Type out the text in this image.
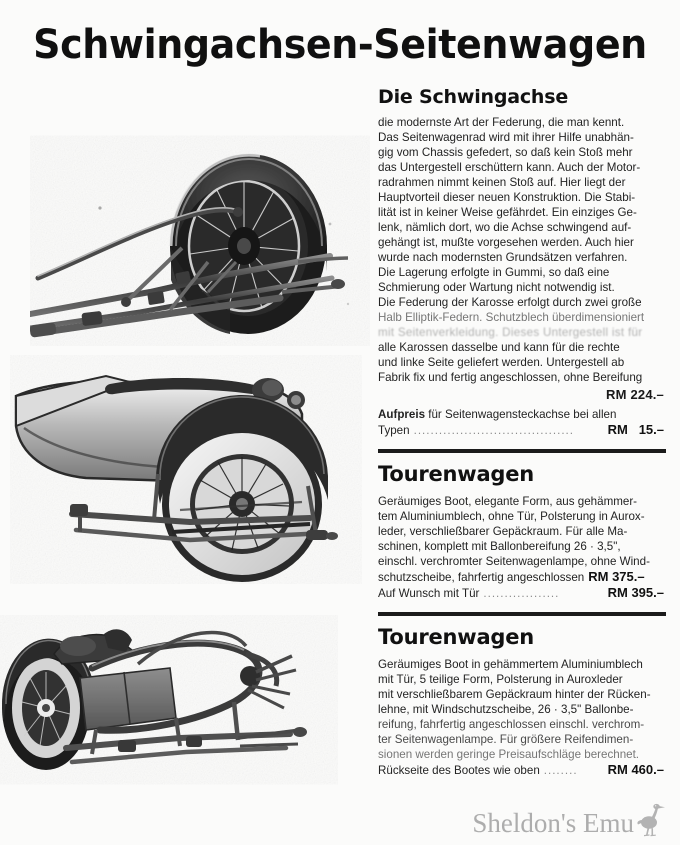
Schwingachsen-Seitenwagen
Die Schwingachse
die modernste Art der Federung, die man kennt.
Das Seitenwagenrad wird mit ihrer Hilfe unabhän-
gig vom Chassis gefedert, so daß kein Stoß mehr
das Untergestell erschüttern kann. Auch der Motor-
radrahmen nimmt keinen Stoß auf. Hier liegt der
Hauptvorteil dieser neuen Konstruktion. Die Stabi-
lität ist in keiner Weise gefährdet. Ein einziges Ge-
lenk, nämlich dort, wo die Achse schwingend auf-
gehängt ist, mußte vorgesehen werden. Auch hier
wurde nach modernsten Grundsätzen verfahren.
Die Lagerung erfolgte in Gummi, so daß eine
Schmierung oder Wartung nicht notwendig ist.
Die Federung der Karosse erfolgt durch zwei große
Halb Elliptik-Federn. Schutzblech überdimensioniert
mit Seitenverkleidung. Dieses Untergestell ist für
alle Karossen dasselbe und kann für die rechte
und linke Seite geliefert werden. Untergestell ab
Fabrik fix und fertig angeschlossen, ohne Bereifung
RM 224.–
Aufpreis für Seitenwagensteckachse bei allen
Typen ......................................	RM   15.–
Tourenwagen
Geräumiges Boot, elegante Form, aus gehämmer-
tem Aluminiumblech, ohne Tür, Polsterung in Aurox-
leder, verschließbarer Gepäckraum. Für alle Ma-
schinen, komplett mit Ballonbereifung 26 · 3,5",
einschl. verchromter Seitenwagenlampe, ohne Wind-
schutzscheibe, fahrfertig angeschlossen RM 375.–
Auf Wunsch mit Tür ..................	RM 395.–
Tourenwagen
Geräumiges Boot in gehämmertem Aluminiumblech
mit Tür, 5 teilige Form, Polsterung in Auroxleder
mit verschließbarem Gepäckraum hinter der Rücken-
lehne, mit Windschutzscheibe, 26 · 3,5" Ballonbe-
reifung, fahrfertig angeschlossen einschl. verchrom-
ter Seitenwagenlampe. Für größere Reifendimen-
sionen werden geringe Preisaufschläge berechnet.
Rückseite des Bootes wie oben ........	RM 460.–
Sheldon's Emu
